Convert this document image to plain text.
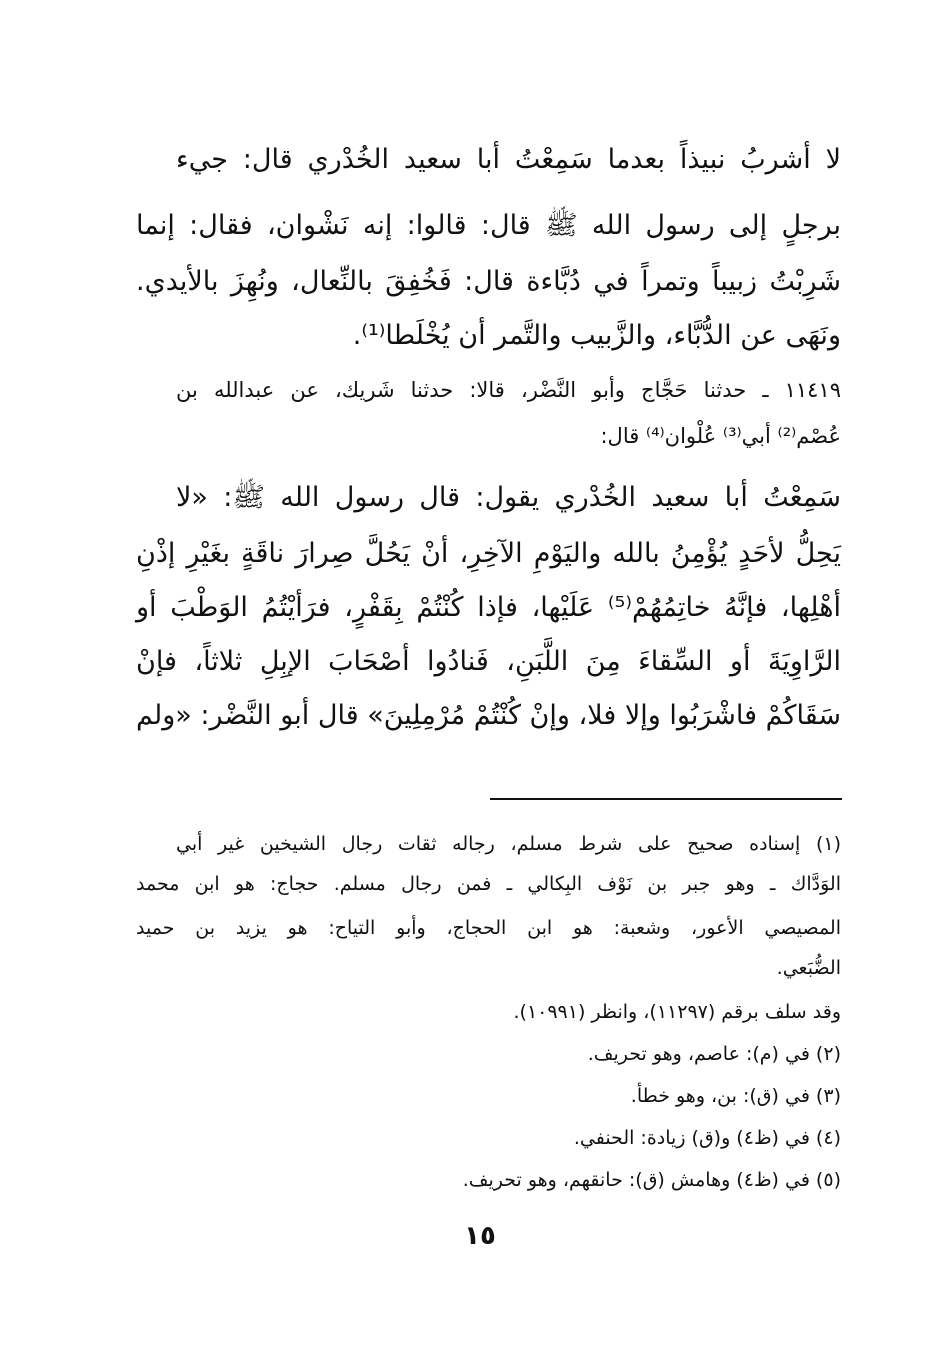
لا أشربُ نبيذاً بعدما سَمِعْتُ أبا سعيد الخُدْري قال: جيء
برجلٍ إلى رسول الله ﷺ قال: قالوا: إنه نَشْوان، فقال: إنما
شَرِبْتُ زبيباً وتمراً في دُبَّاءة قال: فَخُفِقَ بالنِّعال، ونُهِزَ بالأيدي.
ونَهَى عن الدُّبَّاء، والزَّبيب والتَّمر أن يُخْلَطا⁽¹⁾.
١١٤١٩ ـ حدثنا حَجَّاج وأبو النَّضْر، قالا: حدثنا شَريك، عن عبدالله بن
عُصْم⁽²⁾ أبي⁽³⁾ عُلْوان⁽⁴⁾ قال:
سَمِعْتُ أبا سعيد الخُدْري يقول: قال رسول الله ﷺ: «لا
يَحِلُّ لأحَدٍ يُؤْمِنُ بالله واليَوْمِ الآخِرِ، أنْ يَحُلَّ صِرارَ ناقَةٍ بغَيْرِ إذْنِ
أهْلِها، فإنَّهُ خاتِمُهُمْ⁽⁵⁾ عَلَيْها، فإذا كُنْتُمْ بِقَفْرٍ، فرَأيْتُمُ الوَطْبَ أو
الرَّاوِيَةَ أو السِّقاءَ مِنَ اللَّبَنِ، فَنادُوا أصْحَابَ الإبِلِ ثلاثاً، فإنْ
سَقَاكُمْ فاشْرَبُوا وإلا فلا، وإنْ كُنْتُمْ مُرْمِلِينَ» قال أبو النَّضْر: «ولم
(١) إسناده صحيح على شرط مسلم، رجاله ثقات رجال الشيخين غير أبي
الوَدَّاك ـ وهو جبر بن نَوْف البِكالي ـ فمن رجال مسلم. حجاج: هو ابن محمد
المصيصي الأعور، وشعبة: هو ابن الحجاج، وأبو التياح: هو يزيد بن حميد
الضُّبَعي.
وقد سلف برقم (١١٢٩٧)، وانظر (١٠٩٩١).
(٢) في (م): عاصم، وهو تحريف.
(٣) في (ق): بن، وهو خطأ.
(٤) في (ظ٤) و(ق) زيادة: الحنفي.
(٥) في (ظ٤) وهامش (ق): حانقهم، وهو تحريف.
١٥
